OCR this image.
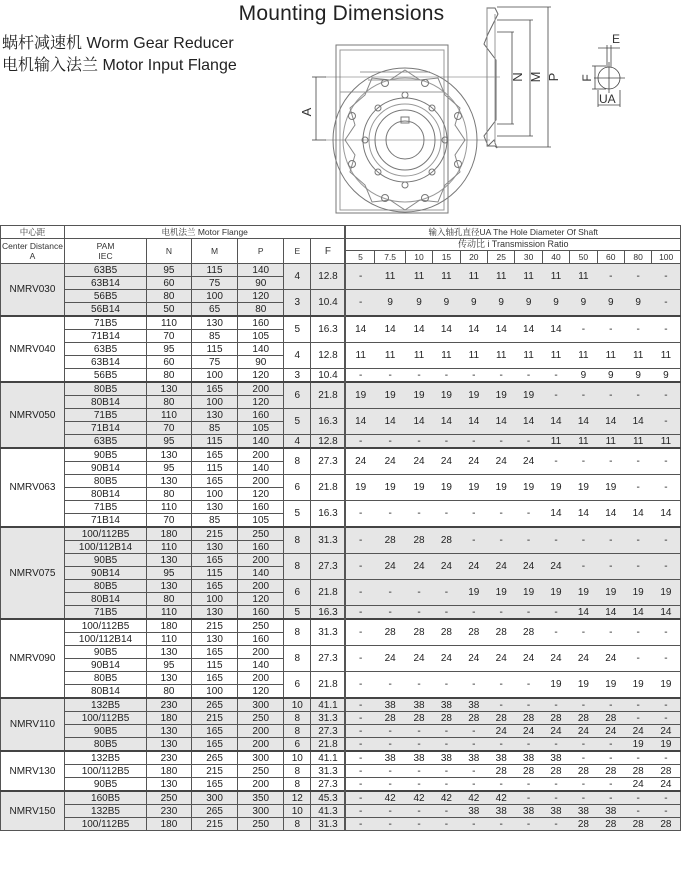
Mounting Dimensions
蜗杆减速机 Worm Gear Reducer
电机输入法兰 Motor Input Flange
A
N M P
E
F
UA
中心距	电机法兰 Motor Flange						输入轴孔直径UA The Hole Diameter Of Shaft											
Center Distance
A	PAM
IEC	N	M	P	E	F	传动比 i Transmission Ratio											
							5	7.5	10	15	20	25	30	40	50	60	80	100
NMRV030	63B5	95	115	140	4	12.8	-	11	11	11	11	11	11	11	11	-	-	-
	63B14	60	75	90														
	56B5	80	100	120	3	10.4	-	9	9	9	9	9	9	9	9	9	9	-
	56B14	50	65	80														
NMRV040	71B5	110	130	160	5	16.3	14	14	14	14	14	14	14	14	-	-	-	-
	71B14	70	85	105														
	63B5	95	115	140	4	12.8	11	11	11	11	11	11	11	11	11	11	11	11
	63B14	60	75	90														
	56B5	80	100	120	3	10.4	-	-	-	-	-	-	-	-	9	9	9	9
NMRV050	80B5	130	165	200	6	21.8	19	19	19	19	19	19	19	-	-	-	-	-
	80B14	80	100	120														
	71B5	110	130	160	5	16.3	14	14	14	14	14	14	14	14	14	14	14	-
	71B14	70	85	105														
	63B5	95	115	140	4	12.8	-	-	-	-	-	-	-	11	11	11	11	11
NMRV063	90B5	130	165	200	8	27.3	24	24	24	24	24	24	24	-	-	-	-	-
	90B14	95	115	140														
	80B5	130	165	200	6	21.8	19	19	19	19	19	19	19	19	19	19	-	-
	80B14	80	100	120														
	71B5	110	130	160	5	16.3	-	-	-	-	-	-	-	14	14	14	14	14
	71B14	70	85	105														
NMRV075	100/112B5	180	215	250	8	31.3	-	28	28	28	-	-	-	-	-	-	-	-
	100/112B14	110	130	160														
	90B5	130	165	200	8	27.3	-	24	24	24	24	24	24	24	-	-	-	-
	90B14	95	115	140														
	80B5	130	165	200	6	21.8	-	-	-	-	19	19	19	19	19	19	19	19
	80B14	80	100	120														
	71B5	110	130	160	5	16.3	-	-	-	-	-	-	-	-	14	14	14	14
NMRV090	100/112B5	180	215	250	8	31.3	-	28	28	28	28	28	28	-	-	-	-	-
	100/112B14	110	130	160														
	90B5	130	165	200	8	27.3	-	24	24	24	24	24	24	24	24	24	-	-
	90B14	95	115	140														
	80B5	130	165	200	6	21.8	-	-	-	-	-	-	-	19	19	19	19	19
	80B14	80	100	120														
NMRV110	132B5	230	265	300	10	41.1	-	38	38	38	38	-	-	-	-	-	-	-
	100/112B5	180	215	250	8	31.3	-	28	28	28	28	28	28	28	28	28	-	-
	90B5	130	165	200	8	27.3	-	-	-	-	-	24	24	24	24	24	24	24
	80B5	130	165	200	6	21.8	-	-	-	-	-	-	-	-	-	-	19	19
NMRV130	132B5	230	265	300	10	41.1	-	38	38	38	38	38	38	38	-	-	-	-
	100/112B5	180	215	250	8	31.3	-	-	-	-	-	28	28	28	28	28	28	28
	90B5	130	165	200	8	27.3	-	-	-	-	-	-	-	-	-	-	24	24
NMRV150	160B5	250	300	350	12	45.3	-	42	42	42	42	42	-	-	-	-	-	-
	132B5	230	265	300	10	41.3	-	-	-	-	38	38	38	38	38	38	-	-
	100/112B5	180	215	250	8	31.3	-	-	-	-	-	-	-	-	28	28	28	28
